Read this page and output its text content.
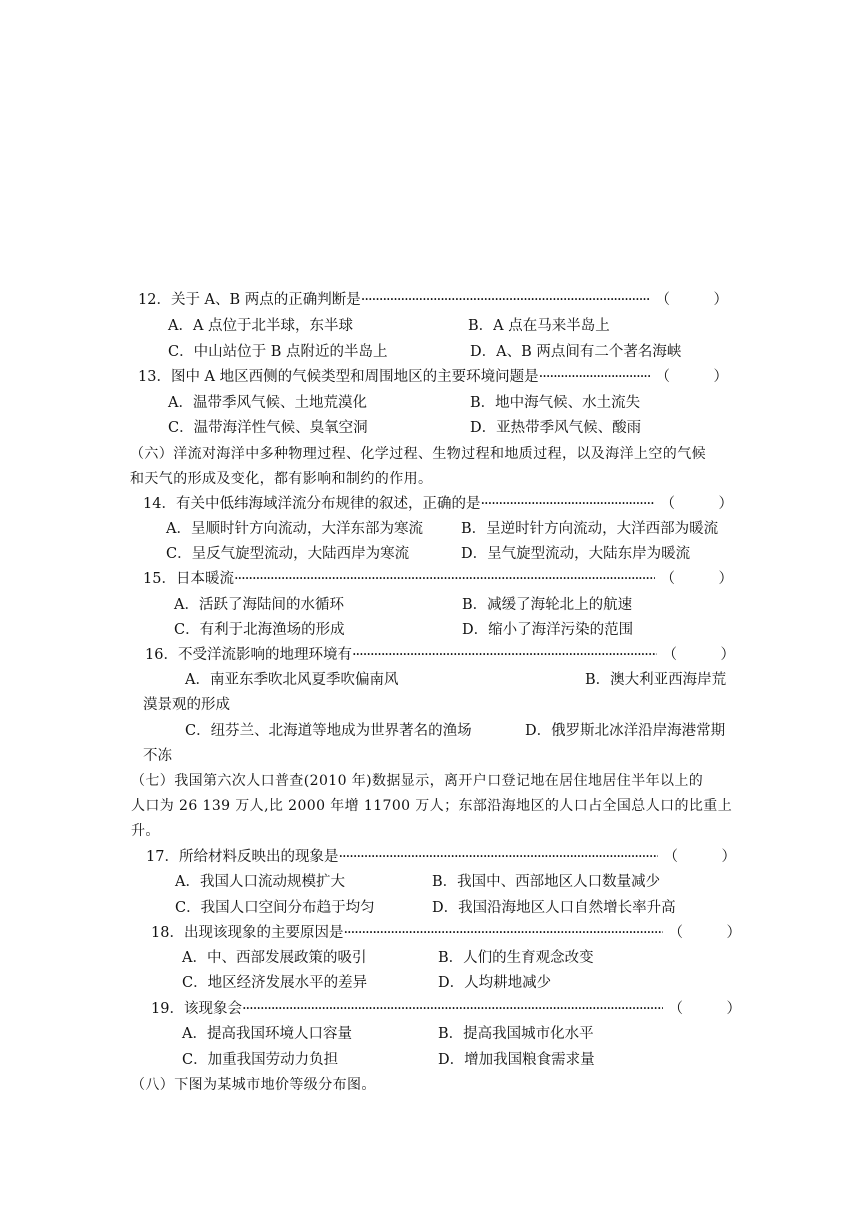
12．关于 A、B 两点的正确判断是 ·····	（　　　）
A．A 点位于北半球，东半球	B．A 点在马来半岛上
C．中山站位于 B 点附近的半岛上	D．A、B 两点间有二个著名海峡
13．图中 A 地区西侧的气候类型和周围地区的主要环境问题是 ·····	（　　　）
A．温带季风气候、土地荒漠化	B．地中海气候、水土流失
C．温带海洋性气候、臭氧空洞	D．亚热带季风气候、酸雨
（六）洋流对海洋中多种物理过程、化学过程、生物过程和地质过程，以及海洋上空的气候
和天气的形成及变化，都有影响和制约的作用。
14．有关中低纬海域洋流分布规律的叙述，正确的是 ·····	（　　　）
A．呈顺时针方向流动，大洋东部为寒流	B．呈逆时针方向流动，大洋西部为暖流
C．呈反气旋型流动，大陆西岸为寒流	D．呈气旋型流动，大陆东岸为暖流
15．日本暖流 ·····	（　　　）
A．活跃了海陆间的水循环	B．减缓了海轮北上的航速
C．有利于北海渔场的形成	D．缩小了海洋污染的范围
16．不受洋流影响的地理环境有 ·····	（　　　）
A．南亚东季吹北风夏季吹偏南风	B．澳大利亚西海岸荒
漠景观的形成
C．纽芬兰、北海道等地成为世界著名的渔场	D．俄罗斯北冰洋沿岸海港常期
不冻
（七）我国第六次人口普查(2010 年)数据显示，离开户口登记地在居住地居住半年以上的
人口为 26 139 万人,比 2000 年增 11700 万人；东部沿海地区的人口占全国总人口的比重上
升。
17．所给材料反映出的现象是 ·····	（　　　）
A．我国人口流动规模扩大	B．我国中、西部地区人口数量减少
C．我国人口空间分布趋于均匀	D．我国沿海地区人口自然增长率升高
18．出现该现象的主要原因是 ·····	（　　　）
A．中、西部发展政策的吸引	B．人们的生育观念改变
C．地区经济发展水平的差异	D．人均耕地减少
19．该现象会 ·····	（　　　）
A．提高我国环境人口容量	B．提高我国城市化水平
C．加重我国劳动力负担	D．增加我国粮食需求量
（八）下图为某城市地价等级分布图。
